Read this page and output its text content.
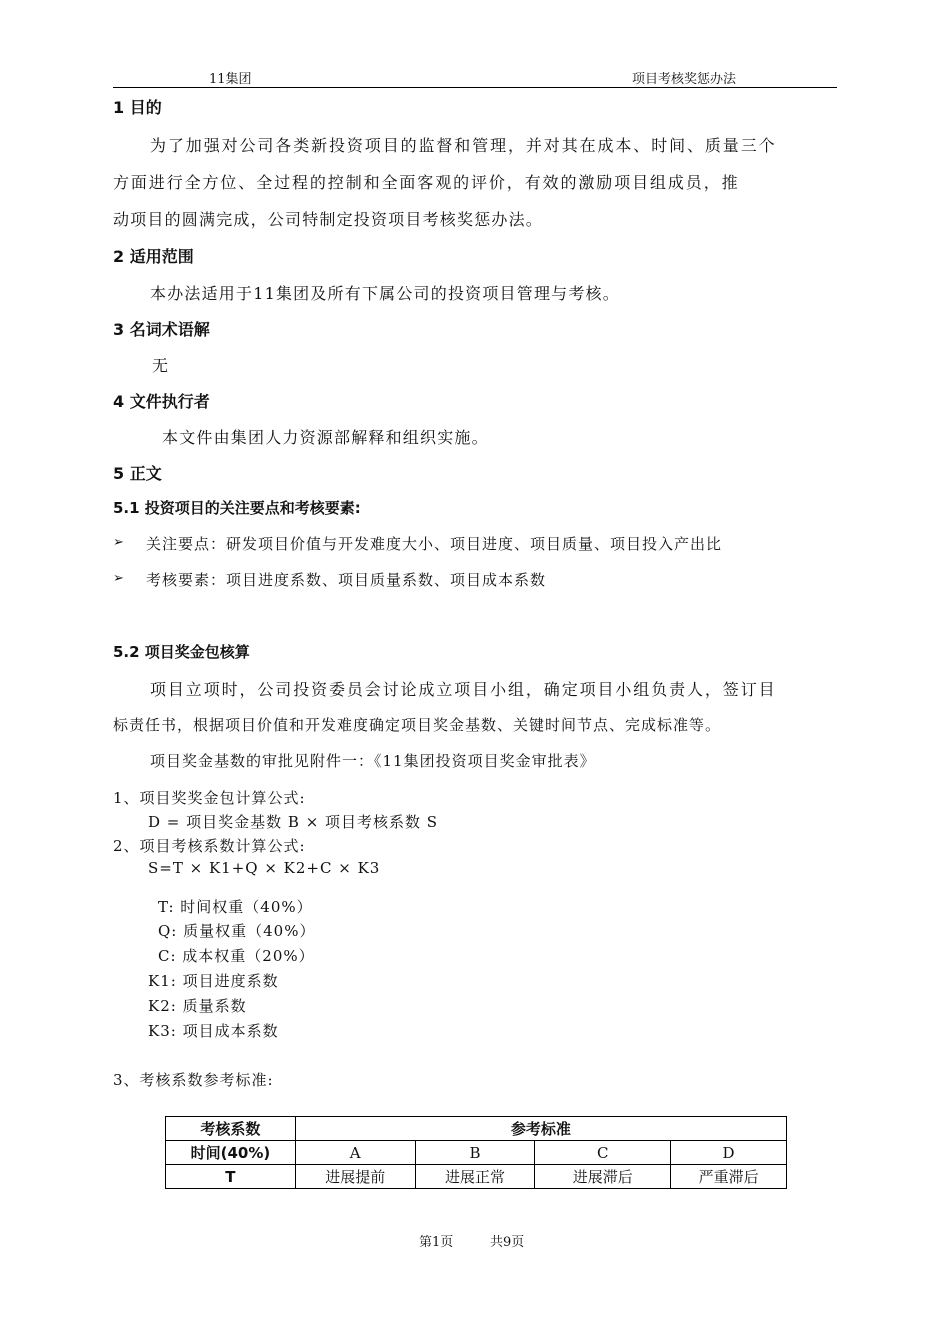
11集团	项目考核奖惩办法
1 目的
为了加强对公司各类新投资项目的监督和管理，并对其在成本、时间、质量三个
方面进行全方位、全过程的控制和全面客观的评价，有效的激励项目组成员，推
动项目的圆满完成，公司特制定投资项目考核奖惩办法。
2 适用范围
本办法适用于11集团及所有下属公司的投资项目管理与考核。
3 名词术语解
无
4 文件执行者
本文件由集团人力资源部解释和组织实施。
5 正文
5.1 投资项目的关注要点和考核要素:
➢ 关注要点：研发项目价值与开发难度大小、项目进度、项目质量、项目投入产出比
➢ 考核要素：项目进度系数、项目质量系数、项目成本系数
5.2 项目奖金包核算
项目立项时，公司投资委员会讨论成立项目小组，确定项目小组负责人，签订目
标责任书，根据项目价值和开发难度确定项目奖金基数、关键时间节点、完成标准等。
项目奖金基数的审批见附件一：《11集团投资项目奖金审批表》
1、项目奖奖金包计算公式:
D = 项目奖金基数 B × 项目考核系数 S
2、项目考核系数计算公式:
S=T × K1+Q × K2+C × K3
T: 时间权重（40%）
Q: 质量权重（40%）
C: 成本权重（20%）
K1: 项目进度系数
K2: 质量系数
K3: 项目成本系数
3、考核系数参考标准:
考核系数	参考标准			
时间(40%)	A	B	C	D
T	进展提前	进展正常	进展滞后	严重滞后
第1页	共9页
